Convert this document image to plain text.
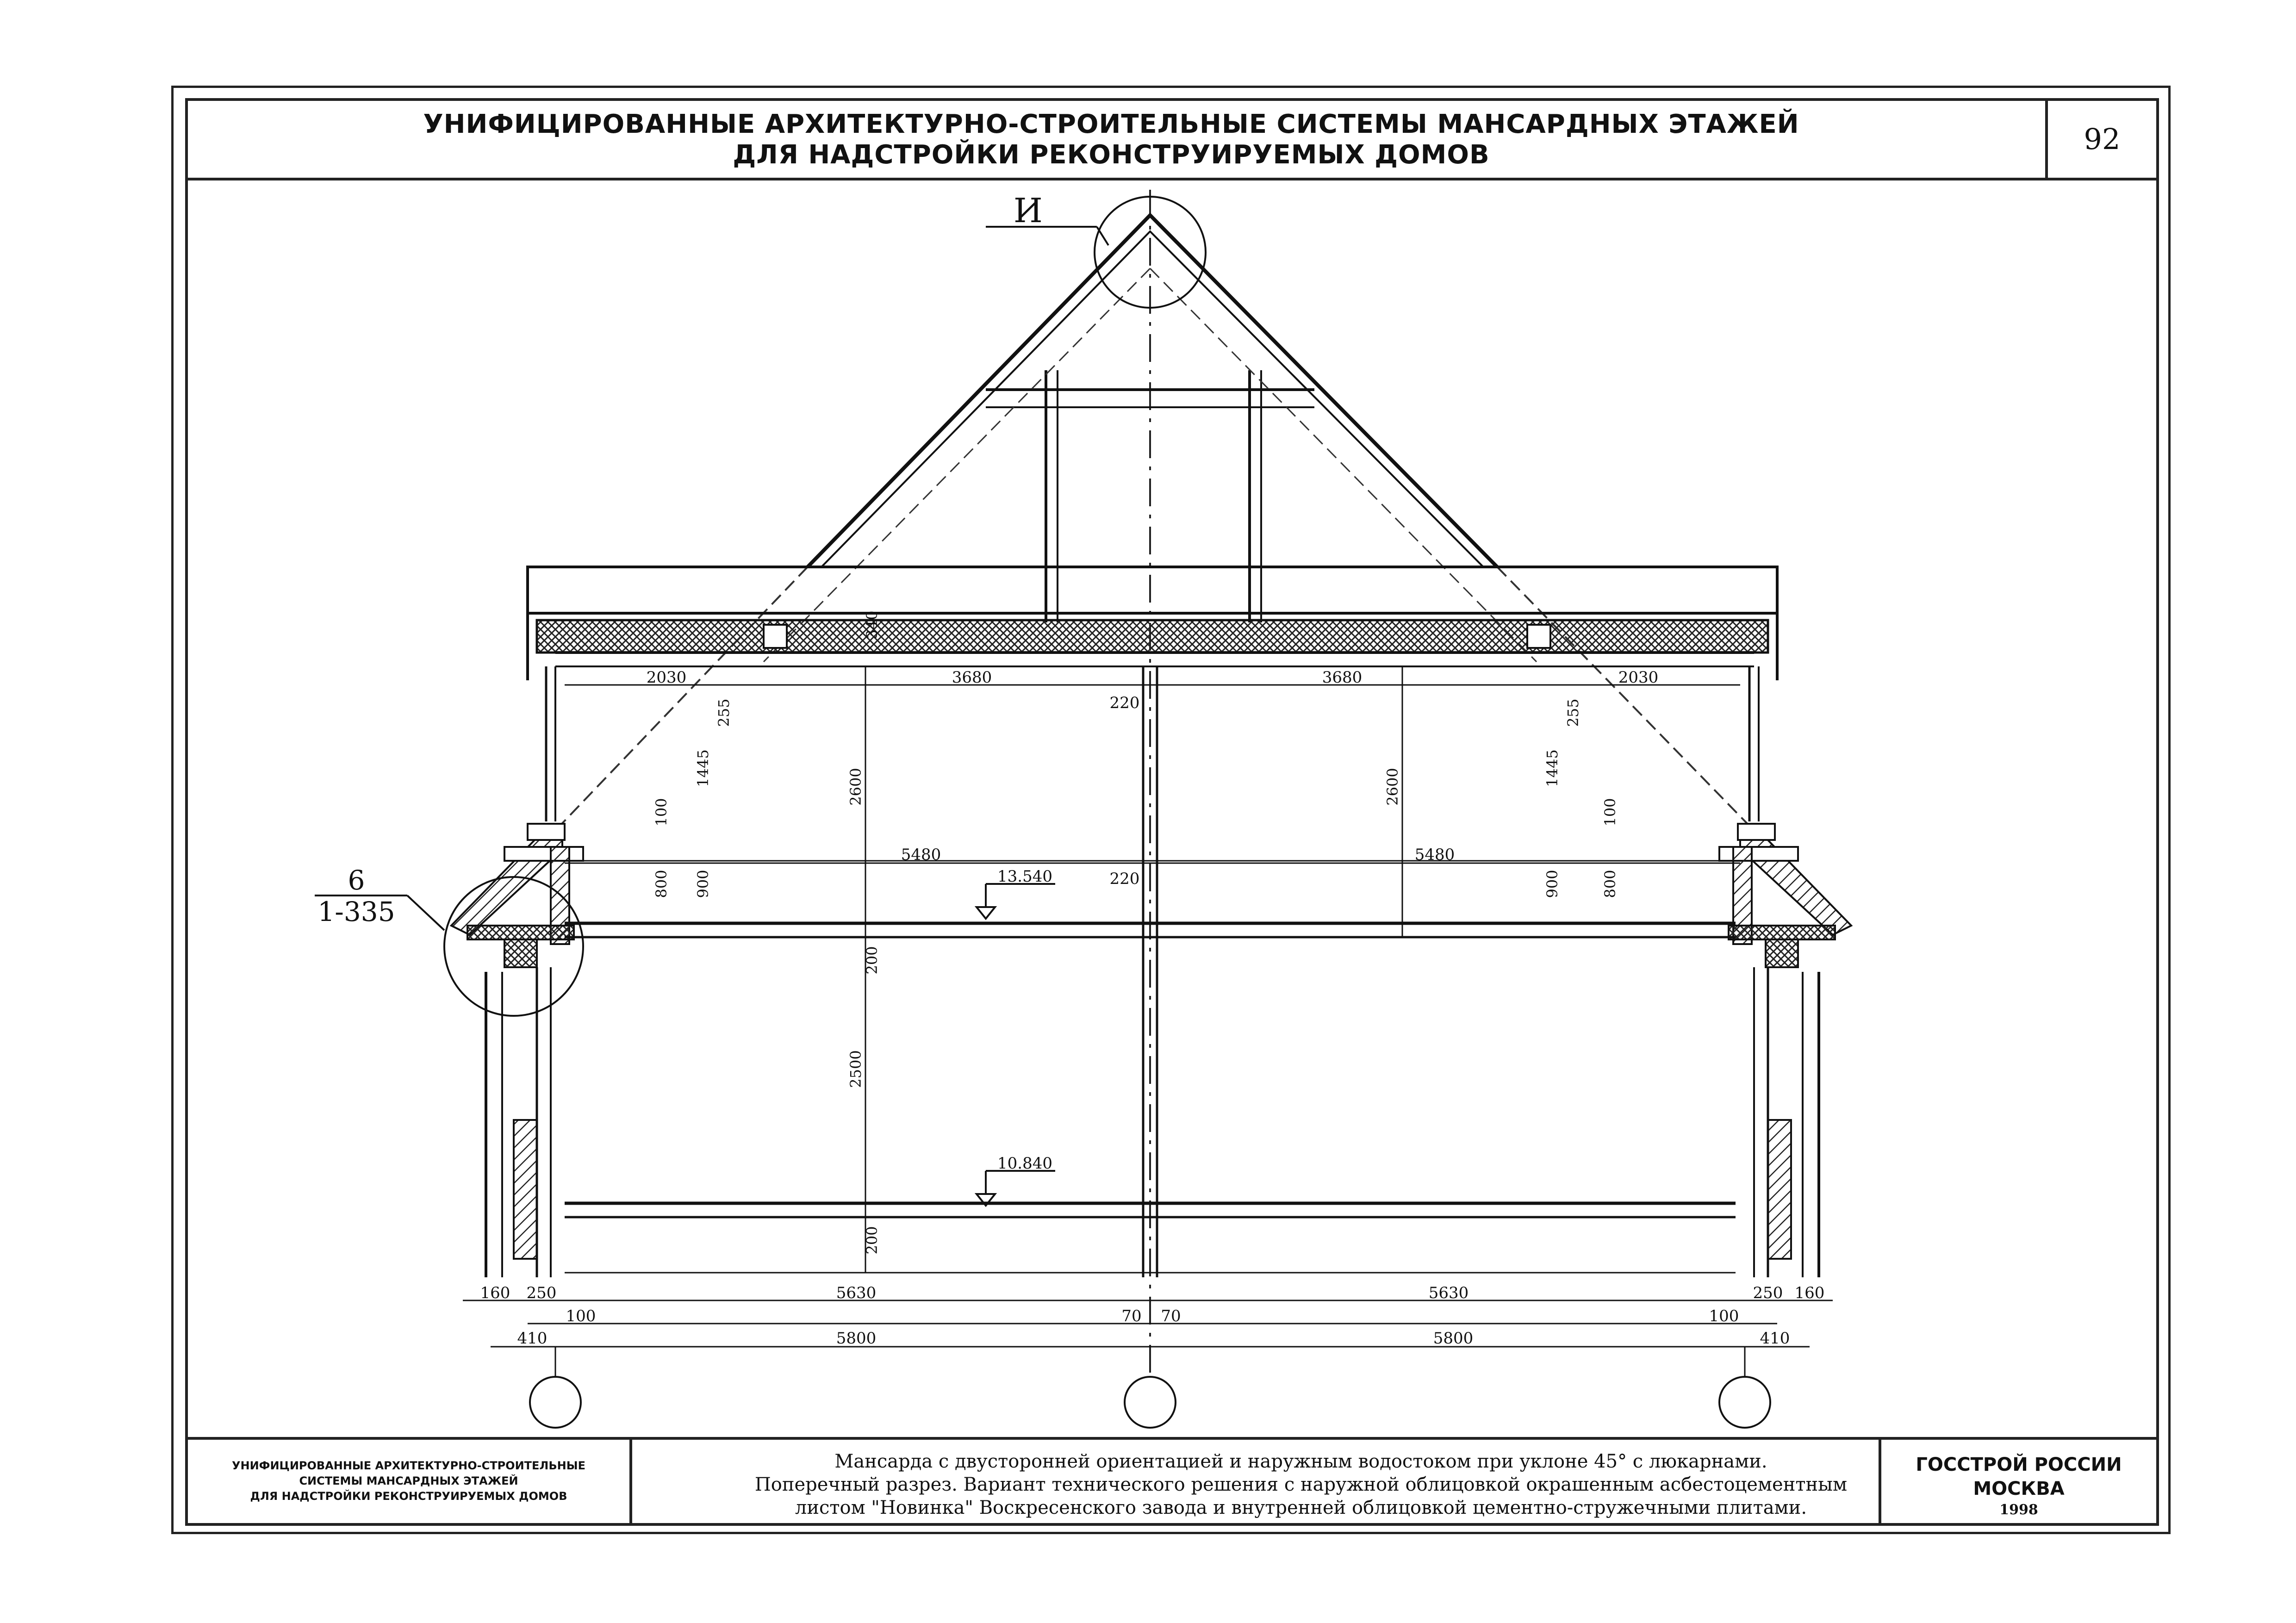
УНИФИЦИРОВАННЫЕ АРХИТЕКТУРНО-СТРОИТЕЛЬНЫЕ СИСТЕМЫ МАНСАРДНЫХ ЭТАЖЕЙ
ДЛЯ НАДСТРОЙКИ РЕКОНСТРУИРУЕМЫХ ДОМОВ	92
И
6
1-335
13.540
10.840
2030	3680
220
3680	2030
5480
220
5480
340
255
1445
100
800 900
2600	2600
255
1445
100
900	800
200
2500
200
160 250	5630	5630	250 160
100	70 70	100
410	5800	5800	410
УНИФИЦИРОВАННЫЕ АРХИТЕКТУРНО-СТРОИТЕЛЬНЫЕ
СИСТЕМЫ МАНСАРДНЫХ ЭТАЖЕЙ
ДЛЯ НАДСТРОЙКИ РЕКОНСТРУИРУЕМЫХ ДОМОВ
Мансарда с двусторонней ориентацией и наружным водостоком при уклоне 45° с люкарнами.
Поперечный разрез. Вариант технического решения с наружной облицовкой окрашенным асбестоцементным
листом "Новинка" Воскресенского завода и внутренней облицовкой цементно-стружечными плитами.
ГОССТРОЙ РОССИИ
МОСКВА
1998
